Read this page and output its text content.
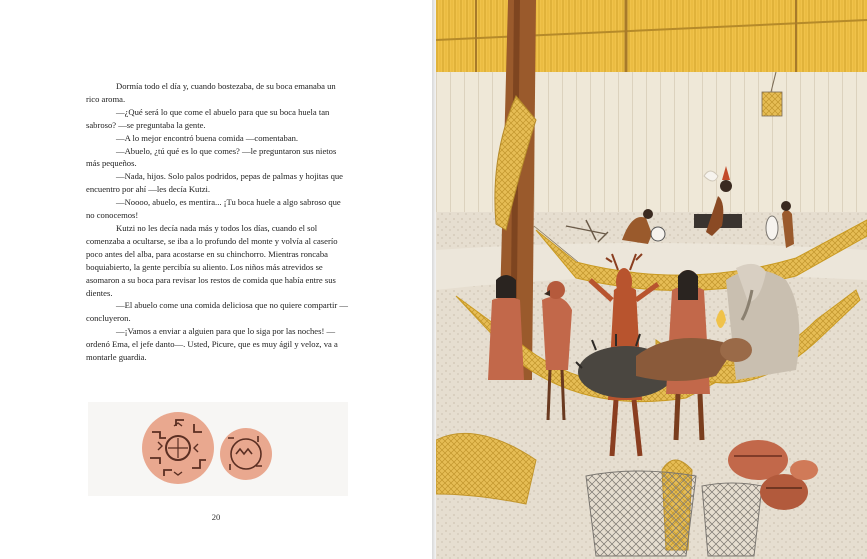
Dormía todo el día y, cuando bostezaba, de su boca emanaba un rico aroma.

—¿Qué será lo que come el abuelo para que su boca huela tan sabroso? —se preguntaba la gente.

—A lo mejor encontró buena comida —comentaban.

—Abuelo, ¿tú qué es lo que comes? —le preguntaron sus nietos más pequeños.

—Nada, hijos. Solo palos podridos, pepas de palmas y hojitas que encuentro por ahí —les decía Kutzi.

—Noooo, abuelo, es mentira... ¡Tu boca huele a algo sabroso que no conocemos!

Kutzi no les decía nada más y todos los días, cuando el sol comenzaba a ocultarse, se iba a lo profundo del monte y volvía al caserío poco antes del alba, para acostarse en su chinchorro. Mientras roncaba boquiabierto, la gente percibía su aliento. Los niños más atrevidos se asomaron a su boca para revisar los restos de comida que había entre sus dientes.

—El abuelo come una comida deliciosa que no quiere compartir —concluyeron.

—¡Vamos a enviar a alguien para que lo siga por las noches! —ordenó Ema, el jefe danto—. Usted, Picure, que es muy ágil y veloz, va a montarle guardia.

20
